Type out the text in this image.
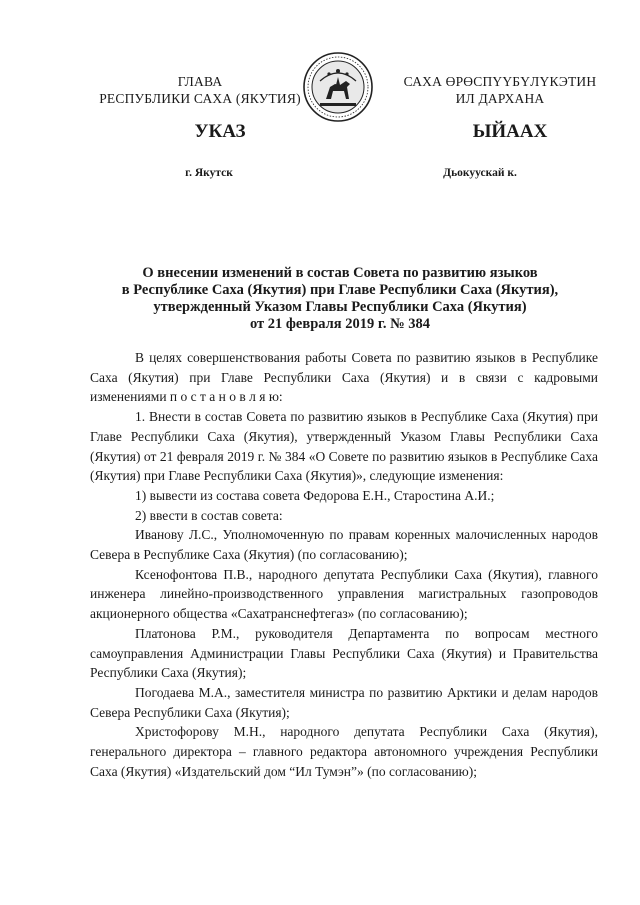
ГЛАВА
РЕСПУБЛИКИ САХА (ЯКУТИЯ)
САХА ӨРӨСПҮҮБҮЛҮКЭТИН
ИЛ ДАРХАНА
УКАЗ	ЫЙААХ
г. Якутск	Дьокуускай к.
О внесении изменений в состав Совета по развитию языков
в Республике Саха (Якутия) при Главе Республики Саха (Якутия),
утвержденный Указом Главы Республики Саха (Якутия)
от 21 февраля 2019 г. № 384

В целях совершенствования работы Совета по развитию языков в Республике Саха (Якутия) при Главе Республики Саха (Якутия) и в связи с кадровыми изменениями п о с т а н о в л я ю:

1. Внести в состав Совета по развитию языков в Республике Саха (Якутия) при Главе Республики Саха (Якутия), утвержденный Указом Главы Республики Саха (Якутия) от 21 февраля 2019 г. № 384 «О Совете по развитию языков в Республике Саха (Якутия) при Главе Республики Саха (Якутия)», следующие изменения:

1) вывести из состава совета Федорова Е.Н., Старостина А.И.;

2) ввести в состав совета:

Иванову Л.С., Уполномоченную по правам коренных малочисленных народов Севера в Республике Саха (Якутия) (по согласованию);

Ксенофонтова П.В., народного депутата Республики Саха (Якутия), главного инженера линейно-производственного управления магистральных газопроводов акционерного общества «Сахатранснефтегаз» (по согласованию);

Платонова Р.М., руководителя Департамента по вопросам местного самоуправления Администрации Главы Республики Саха (Якутия) и Правительства Республики Саха (Якутия);

Погодаева М.А., заместителя министра по развитию Арктики и делам народов Севера Республики Саха (Якутия);

Христофорову М.Н., народного депутата Республики Саха (Якутия), генерального директора – главного редактора автономного учреждения Республики Саха (Якутия) «Издательский дом “Ил Тумэн”» (по согласованию);
